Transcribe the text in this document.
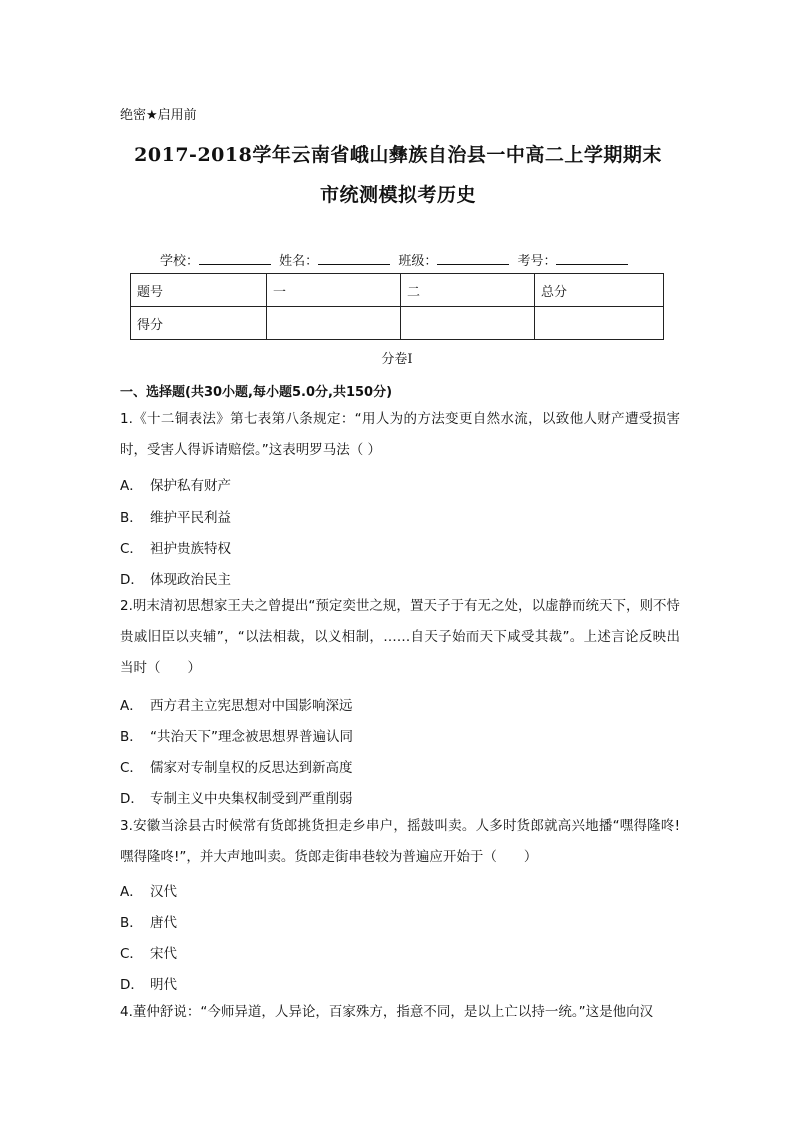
绝密★启用前
2017-2018学年云南省峨山彝族自治县一中高二上学期期末
市统测模拟考历史
学校：	姓名：	班级：	考号：
题号	一	二	总分
得分			
分卷I
一、选择题(共30小题,每小题5.0分,共150分)
1.《十二铜表法》第七表第八条规定：“用人为的方法变更自然水流，以致他人财产遭受损害时，受害人得诉请赔偿。”这表明罗马法（ ）
A． 保护私有财产
B． 维护平民利益
C． 袒护贵族特权
D． 体现政治民主
2.明末清初思想家王夫之曾提出“预定奕世之规，置天子于有无之处，以虚静而统天下，则不恃贵戚旧臣以夹辅”，“以法相裁，以义相制，……自天子始而天下咸受其裁”。上述言论反映出当时（　　）
A． 西方君主立宪思想对中国影响深远
B． “共治天下”理念被思想界普遍认同
C． 儒家对专制皇权的反思达到新高度
D． 专制主义中央集权制受到严重削弱
3.安徽当涂县古时候常有货郎挑货担走乡串户，摇鼓叫卖。人多时货郎就高兴地播“嘿得隆咚!嘿得隆咚!”，并大声地叫卖。货郎走街串巷较为普遍应开始于（　　）
A． 汉代
B． 唐代
C． 宋代
D． 明代
4.董仲舒说：“今师异道，人异论，百家殊方，指意不同，是以上亡以持一统。”这是他向汉
